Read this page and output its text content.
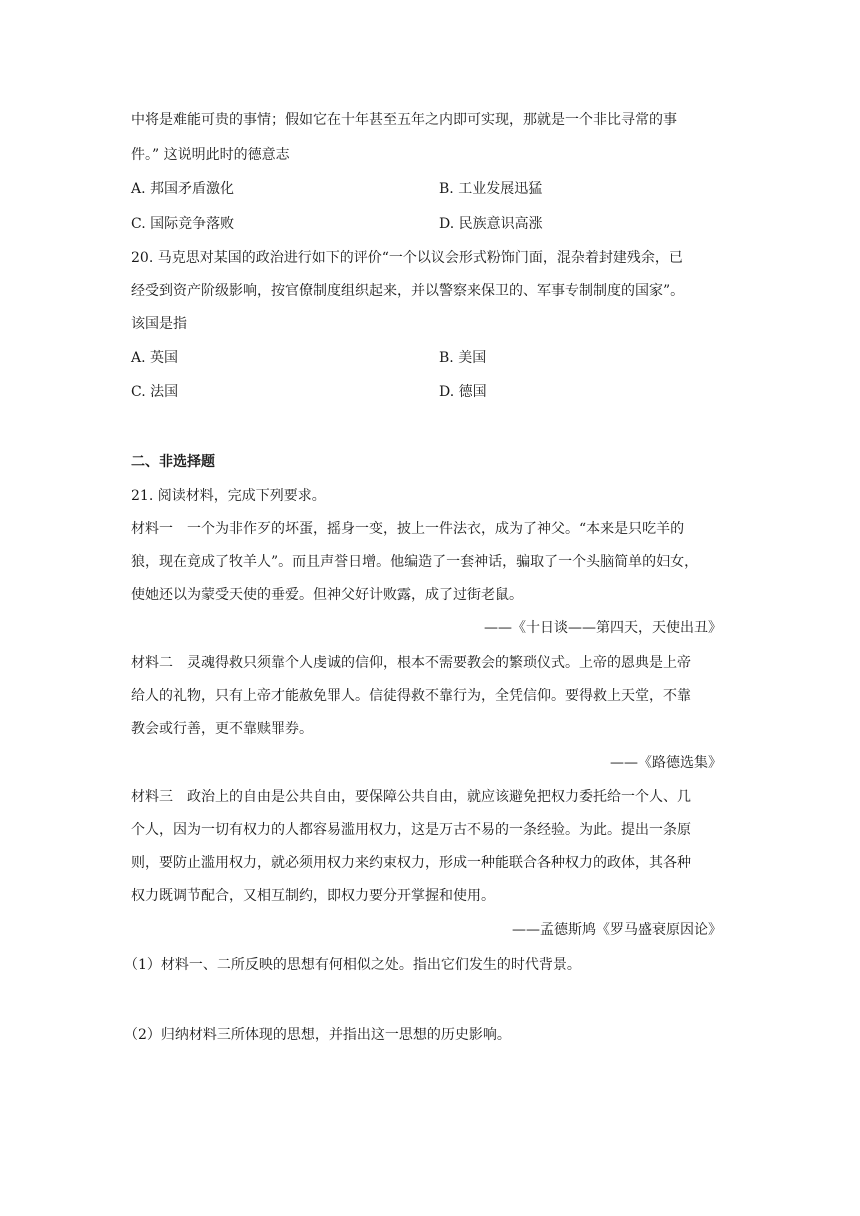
中将是难能可贵的事情；假如它在十年甚至五年之内即可实现，那就是一个非比寻常的事
件。” 这说明此时的德意志
A. 邦国矛盾激化	B. 工业发展迅猛
C. 国际竞争落败	D. 民族意识高涨
20. 马克思对某国的政治进行如下的评价“一个以议会形式粉饰门面，混杂着封建残余，已
经受到资产阶级影响，按官僚制度组织起来，并以警察来保卫的、军事专制制度的国家”。
该国是指
A. 英国	B. 美国
C. 法国	D. 德国
二、非选择题
21. 阅读材料，完成下列要求。
材料一　一个为非作歹的坏蛋，摇身一变，披上一件法衣，成为了神父。“本来是只吃羊的
狼，现在竟成了牧羊人”。而且声誉日增。他编造了一套神话，骗取了一个头脑简单的妇女，
使她还以为蒙受天使的垂爱。但神父好计败露，成了过街老鼠。
——《十日谈——第四天，天使出丑》
材料二　灵魂得救只须靠个人虔诚的信仰，根本不需要教会的繁琐仪式。上帝的恩典是上帝
给人的礼物，只有上帝才能赦免罪人。信徒得救不靠行为，全凭信仰。要得救上天堂，不靠
教会或行善，更不靠赎罪券。
——《路德选集》
材料三　政治上的自由是公共自由，要保障公共自由，就应该避免把权力委托给一个人、几
个人，因为一切有权力的人都容易滥用权力，这是万古不易的一条经验。为此。提出一条原
则，要防止滥用权力，就必须用权力来约束权力，形成一种能联合各种权力的政体，其各种
权力既调节配合，又相互制约，即权力要分开掌握和使用。
——孟德斯鸠《罗马盛衰原因论》
（1）材料一、二所反映的思想有何相似之处。指出它们发生的时代背景。
（2）归纳材料三所体现的思想，并指出这一思想的历史影响。
